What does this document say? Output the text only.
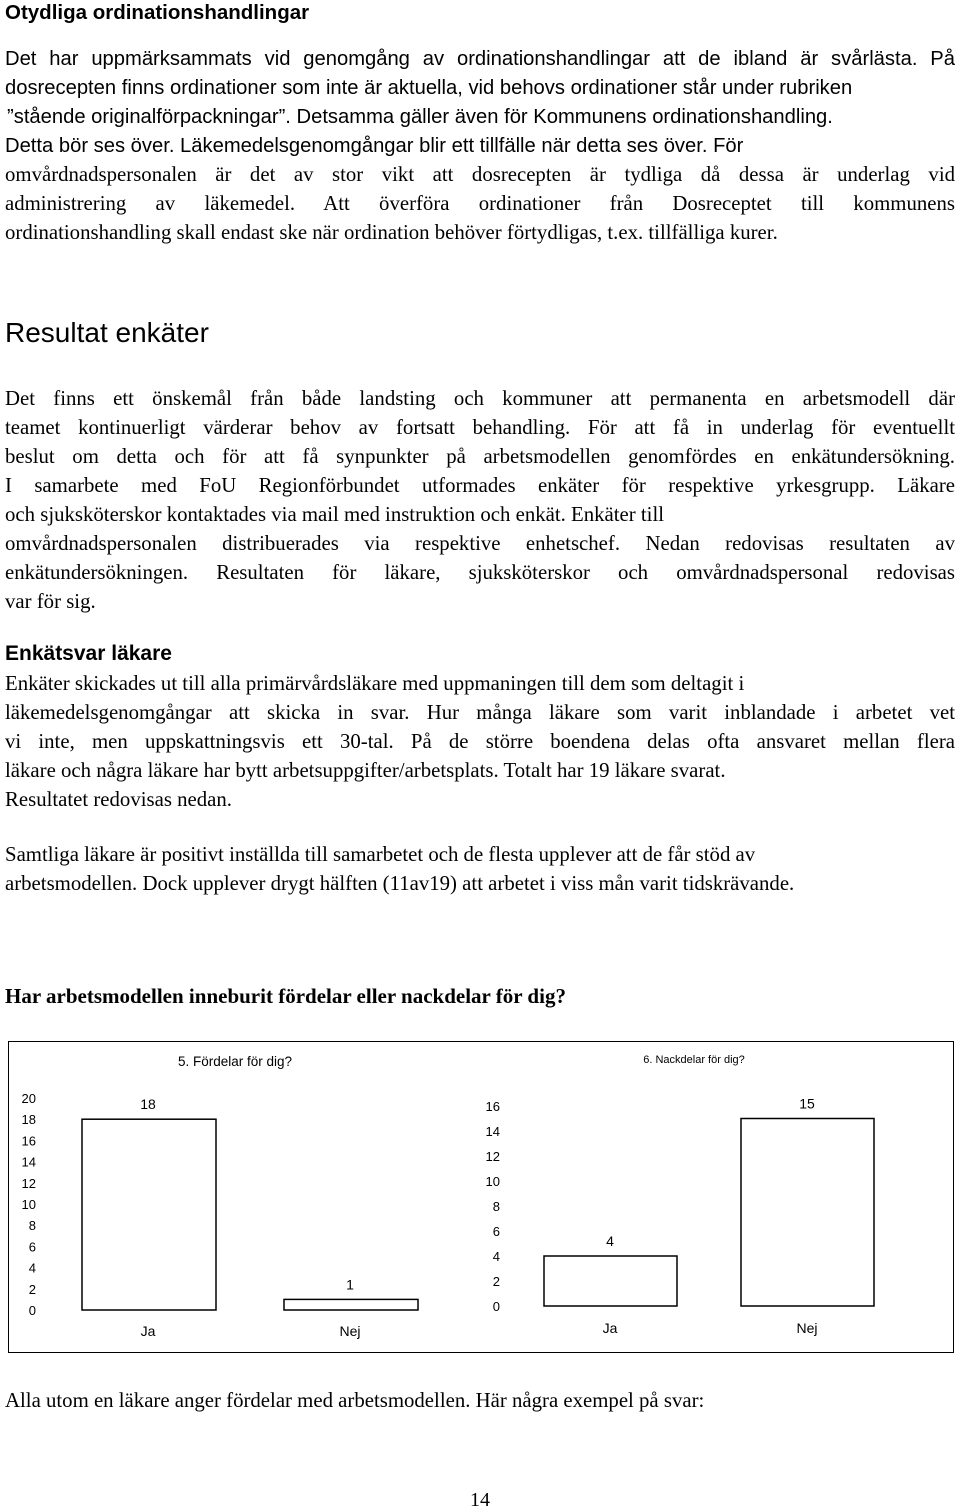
Otydliga ordinationshandlingar
Det har uppmärksammats vid genomgång av ordinationshandlingar att de ibland är svårlästa. På
dosrecepten finns ordinationer som inte är aktuella, vid behovs ordinationer står under rubriken
”stående originalförpackningar”. Detsamma gäller även för Kommunens ordinationshandling.
Detta bör ses över. Läkemedelsgenomgångar blir ett tillfälle när detta ses över. För
omvårdnadspersonalen är det av stor vikt att dosrecepten är tydliga då dessa är underlag vid
administrering av läkemedel. Att överföra ordinationer från Dosreceptet till kommunens
ordinationshandling skall endast ske när ordination behöver förtydligas, t.ex. tillfälliga kurer.
Resultat enkäter
Det finns ett önskemål från både landsting och kommuner att permanenta en arbetsmodell där
teamet kontinuerligt värderar behov av fortsatt behandling. För att få in underlag för eventuellt
beslut om detta och för att få synpunkter på arbetsmodellen genomfördes en enkätundersökning.
I samarbete med FoU Regionförbundet utformades enkäter för respektive yrkesgrupp. Läkare
och sjuksköterskor kontaktades via mail med instruktion och enkät. Enkäter till
omvårdnadspersonalen distribuerades via respektive enhetschef. Nedan redovisas resultaten av
enkätundersökningen. Resultaten för läkare, sjuksköterskor och omvårdnadspersonal redovisas
var för sig.
Enkätsvar läkare
Enkäter skickades ut till alla primärvårdsläkare med uppmaningen till dem som deltagit i
läkemedelsgenomgångar att skicka in svar. Hur många läkare som varit inblandade i arbetet vet
vi inte, men uppskattningsvis ett 30-tal. På de större boendena delas ofta ansvaret mellan flera
läkare och några läkare har bytt arbetsuppgifter/arbetsplats. Totalt har 19 läkare svarat.
Resultatet redovisas nedan.
Samtliga läkare är positivt inställda till samarbetet och de flesta upplever att de får stöd av
arbetsmodellen. Dock upplever drygt hälften (11av19) att arbetet i viss mån varit tidskrävande.
Har arbetsmodellen inneburit fördelar eller nackdelar för dig?
5. Fördelar för dig?
0
2
4
6
8
10
12
14
16
18
20	18
Ja
1
Nej
6. Nackdelar för dig?
0
2
4
6
8
10
12
14
16
4
Ja
15
Nej
Alla utom en läkare anger fördelar med arbetsmodellen. Här några exempel på svar:
14
